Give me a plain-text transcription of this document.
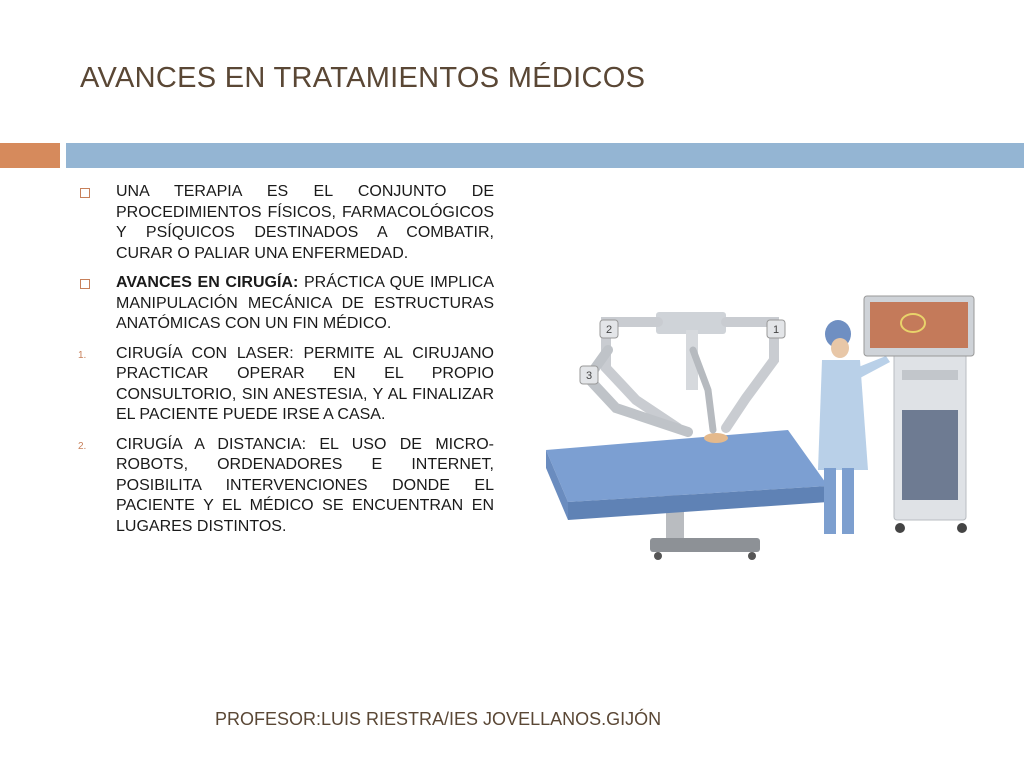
AVANCES EN TRATAMIENTOS MÉDICOS
UNA TERAPIA ES EL CONJUNTO DE PROCEDIMIENTOS FÍSICOS, FARMACOLÓGICOS Y PSÍQUICOS DESTINADOS A COMBATIR, CURAR O PALIAR UNA ENFERMEDAD.
AVANCES EN CIRUGÍA: PRÁCTICA QUE IMPLICA MANIPULACIÓN MECÁNICA DE ESTRUCTURAS ANATÓMICAS CON UN FIN MÉDICO.
1.	CIRUGÍA CON LASER: PERMITE AL CIRUJANO PRACTICAR OPERAR EN EL PROPIO CONSULTORIO, SIN ANESTESIA, Y AL FINALIZAR EL PACIENTE PUEDE IRSE A CASA.
2.	CIRUGÍA A DISTANCIA: EL USO DE MICRO-ROBOTS, ORDENADORES E INTERNET, POSIBILITA INTERVENCIONES DONDE EL PACIENTE Y EL MÉDICO SE ENCUENTRAN EN LUGARES DISTINTOS.
2	1
3
PROFESOR:LUIS RIESTRA/IES JOVELLANOS.GIJÓN
